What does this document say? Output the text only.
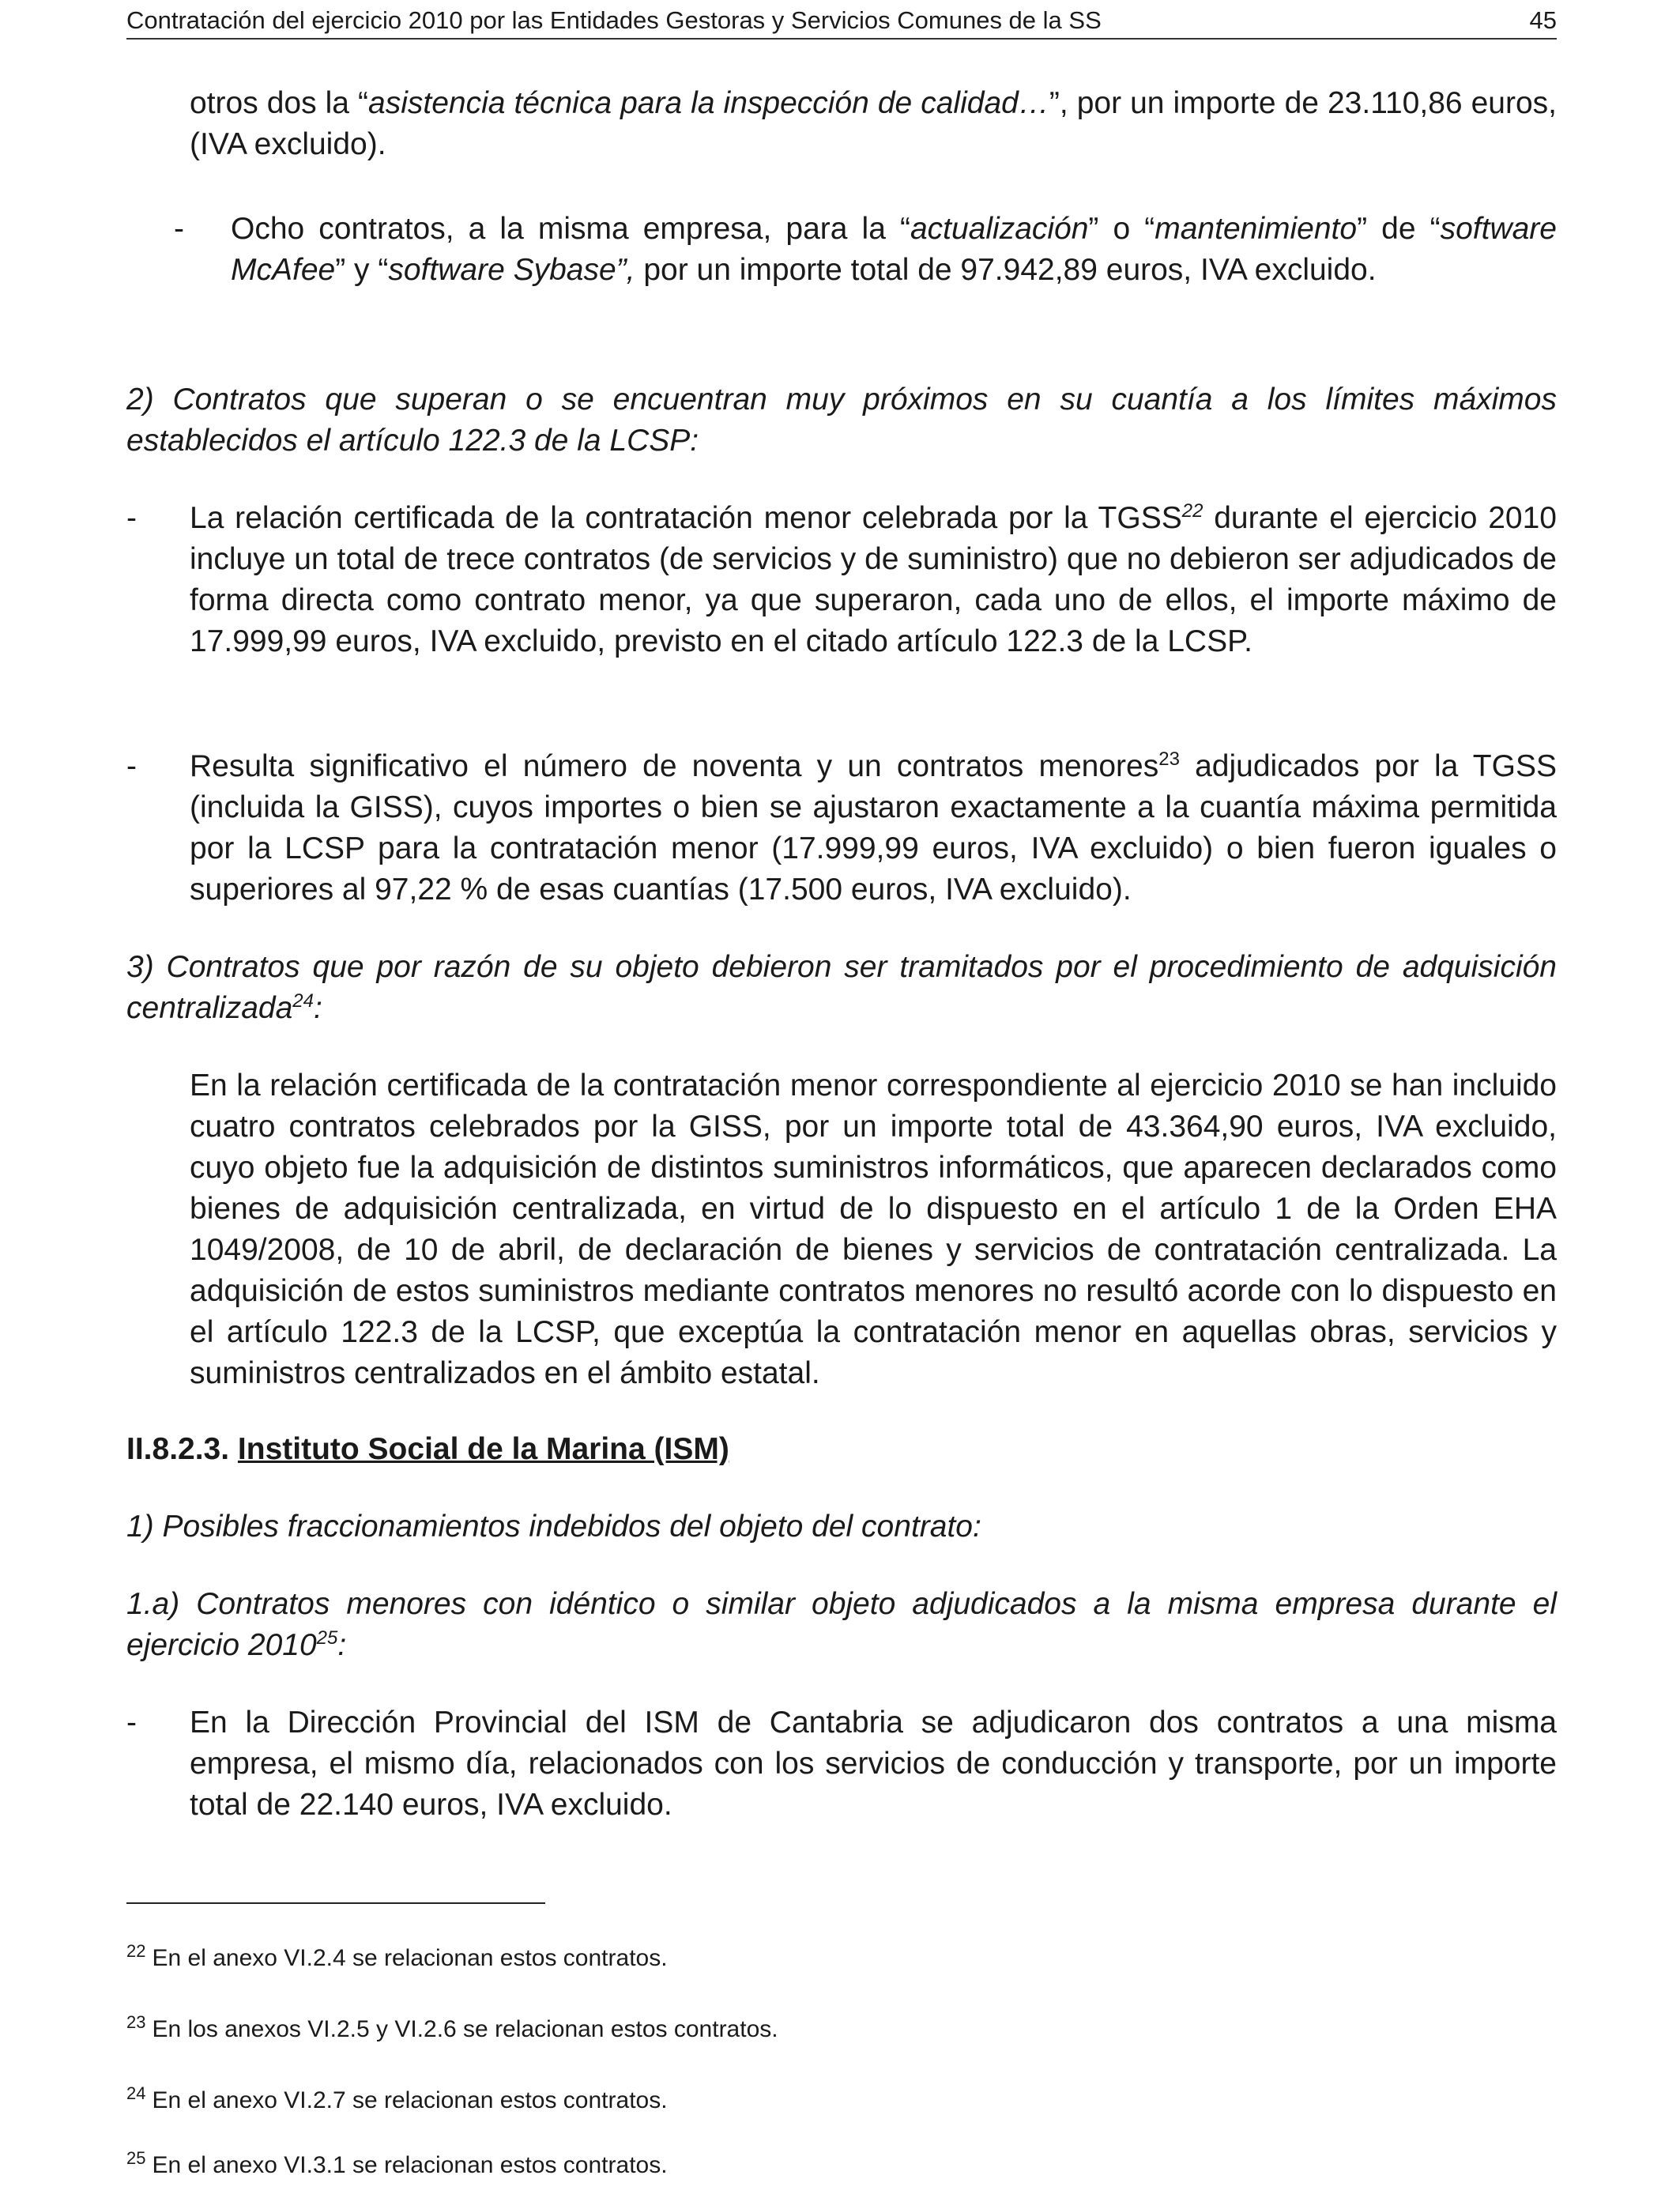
Contratación del ejercicio 2010 por las Entidades Gestoras y Servicios Comunes de la SS	45
otros dos la “asistencia técnica para la inspección de calidad…”, por un importe de 23.110,86 euros, (IVA excluido).
-	Ocho contratos, a la misma empresa, para la “actualización” o “mantenimiento” de “software McAfee” y “software Sybase”, por un importe total de 97.942,89 euros, IVA excluido.
2) Contratos que superan o se encuentran muy próximos en su cuantía a los límites máximos establecidos el artículo 122.3 de la LCSP:
-	La relación certificada de la contratación menor celebrada por la TGSS$^{22}$ durante el ejercicio 2010 incluye un total de trece contratos (de servicios y de suministro) que no debieron ser adjudicados de forma directa como contrato menor, ya que superaron, cada uno de ellos, el importe máximo de 17.999,99 euros, IVA excluido, previsto en el citado artículo 122.3 de la LCSP.
-	Resulta significativo el número de noventa y un contratos menores$^{23}$ adjudicados por la TGSS (incluida la GISS), cuyos importes o bien se ajustaron exactamente a la cuantía máxima permitida por la LCSP para la contratación menor (17.999,99 euros, IVA excluido) o bien fueron iguales o superiores al 97,22 % de esas cuantías (17.500 euros, IVA excluido).
3) Contratos que por razón de su objeto debieron ser tramitados por el procedimiento de adquisición centralizada$^{24}$:
En la relación certificada de la contratación menor correspondiente al ejercicio 2010 se han incluido cuatro contratos celebrados por la GISS, por un importe total de 43.364,90 euros, IVA excluido, cuyo objeto fue la adquisición de distintos suministros informáticos, que aparecen declarados como bienes de adquisición centralizada, en virtud de lo dispuesto en el artículo 1 de la Orden EHA 1049/2008, de 10 de abril, de declaración de bienes y servicios de contratación centralizada. La adquisición de estos suministros mediante contratos menores no resultó acorde con lo dispuesto en el artículo 122.3 de la LCSP, que exceptúa la contratación menor en aquellas obras, servicios y suministros centralizados en el ámbito estatal.
II.8.2.3. Instituto Social de la Marina (ISM)
1) Posibles fraccionamientos indebidos del objeto del contrato:
1.a) Contratos menores con idéntico o similar objeto adjudicados a la misma empresa durante el ejercicio 2010$^{25}$:
-	En la Dirección Provincial del ISM de Cantabria se adjudicaron dos contratos a una misma empresa, el mismo día, relacionados con los servicios de conducción y transporte, por un importe total de 22.140 euros, IVA excluido.
$^{22}$ En el anexo VI.2.4 se relacionan estos contratos.
$^{23}$ En los anexos VI.2.5 y VI.2.6 se relacionan estos contratos.
$^{24}$ En el anexo VI.2.7 se relacionan estos contratos.
$^{25}$ En el anexo VI.3.1 se relacionan estos contratos.
